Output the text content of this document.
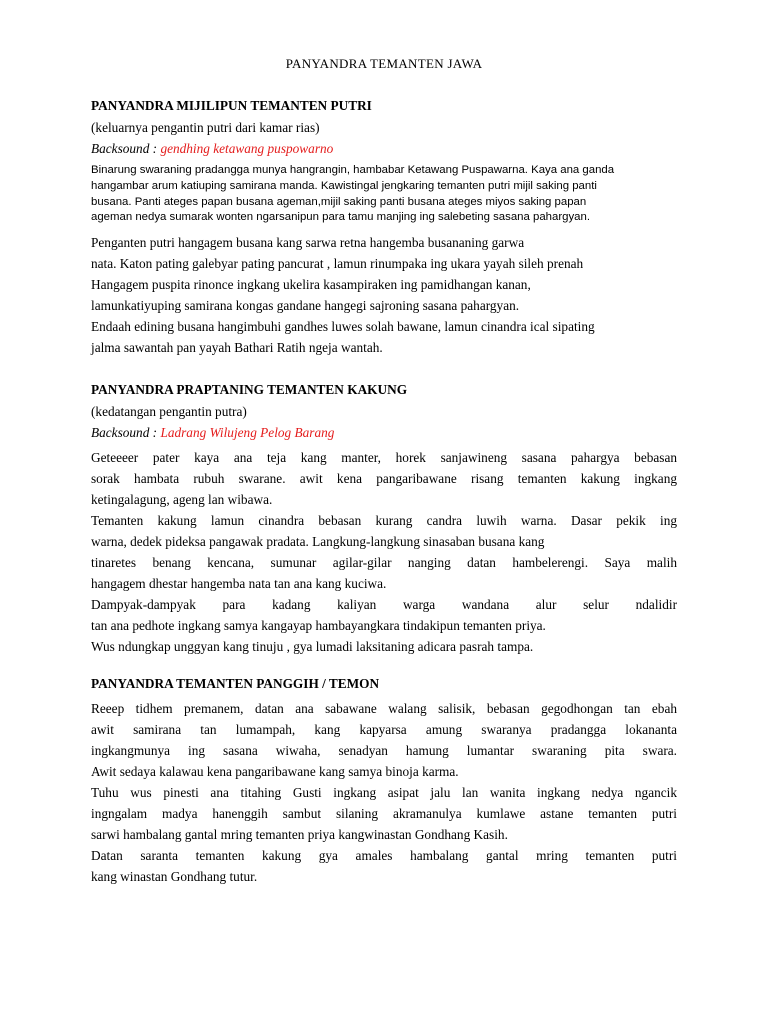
PANYANDRA TEMANTEN JAWA
PANYANDRA MIJILIPUN TEMANTEN PUTRI
(keluarnya pengantin putri dari kamar rias)
Backsound : gendhing ketawang puspowarno
Binarung swaraning pradangga munya hangrangin, hambabar Ketawang Puspawarna. Kaya ana ganda
hangambar arum katiuping samirana manda. Kawistingal jengkaring temanten putri mijil saking panti
busana. Panti ateges papan busana ageman,mijil saking panti busana ateges miyos saking papan
ageman nedya sumarak wonten ngarsanipun para tamu manjing ing salebeting sasana pahargyan.
Penganten putri hangagem busana kang sarwa retna hangemba busananing garwa
nata. Katon pating galebyar pating pancurat , lamun rinumpaka ing ukara yayah sileh prenah
Hangagem puspita rinonce ingkang ukelira kasampiraken ing pamidhangan kanan,
lamunkatiyuping samirana kongas gandane hangegi sajroning sasana pahargyan.
Endaah edining busana hangimbuhi gandhes luwes solah bawane, lamun cinandra ical sipating
jalma sawantah pan yayah Bathari Ratih ngeja wantah.
PANYANDRA PRAPTANING TEMANTEN KAKUNG
(kedatangan pengantin putra)
Backsound : Ladrang Wilujeng Pelog Barang
Geteeeer pater kaya ana teja kang manter, horek sanjawineng sasana pahargya bebasan
sorak hambata rubuh swarane. awit kena pangaribawane risang temanten kakung ingkang
ketingalagung, ageng lan wibawa.
Temanten kakung lamun cinandra bebasan kurang candra luwih warna. Dasar pekik ing
warna, dedek pideksa pangawak pradata. Langkung-langkung sinasaban busana kang
tinaretes benang kencana, sumunar agilar-gilar nanging datan hambelerengi. Saya malih
hangagem dhestar hangemba nata tan ana kang kuciwa.
Dampyak-dampyak para kadang kaliyan warga wandana alur selur ndalidir
tan ana pedhote ingkang samya kangayap hambayangkara tindakipun temanten priya.
Wus ndungkap unggyan kang tinuju , gya lumadi laksitaning adicara pasrah tampa.
PANYANDRA TEMANTEN PANGGIH / TEMON
Reeep tidhem premanem, datan ana sabawane walang salisik, bebasan gegodhongan tan ebah
awit samirana tan lumampah, kang kapyarsa amung swaranya pradangga lokananta
ingkangmunya ing sasana wiwaha, senadyan hamung lumantar swaraning pita swara.
Awit sedaya kalawau kena pangaribawane kang samya binoja karma.
Tuhu wus pinesti ana titahing Gusti ingkang asipat jalu lan wanita ingkang nedya ngancik
ingngalam madya hanenggih sambut silaning akramanulya kumlawe astane temanten putri
sarwi hambalang gantal mring temanten priya kangwinastan Gondhang Kasih.
Datan saranta temanten kakung gya amales hambalang gantal mring temanten putri
kang winastan Gondhang tutur.
